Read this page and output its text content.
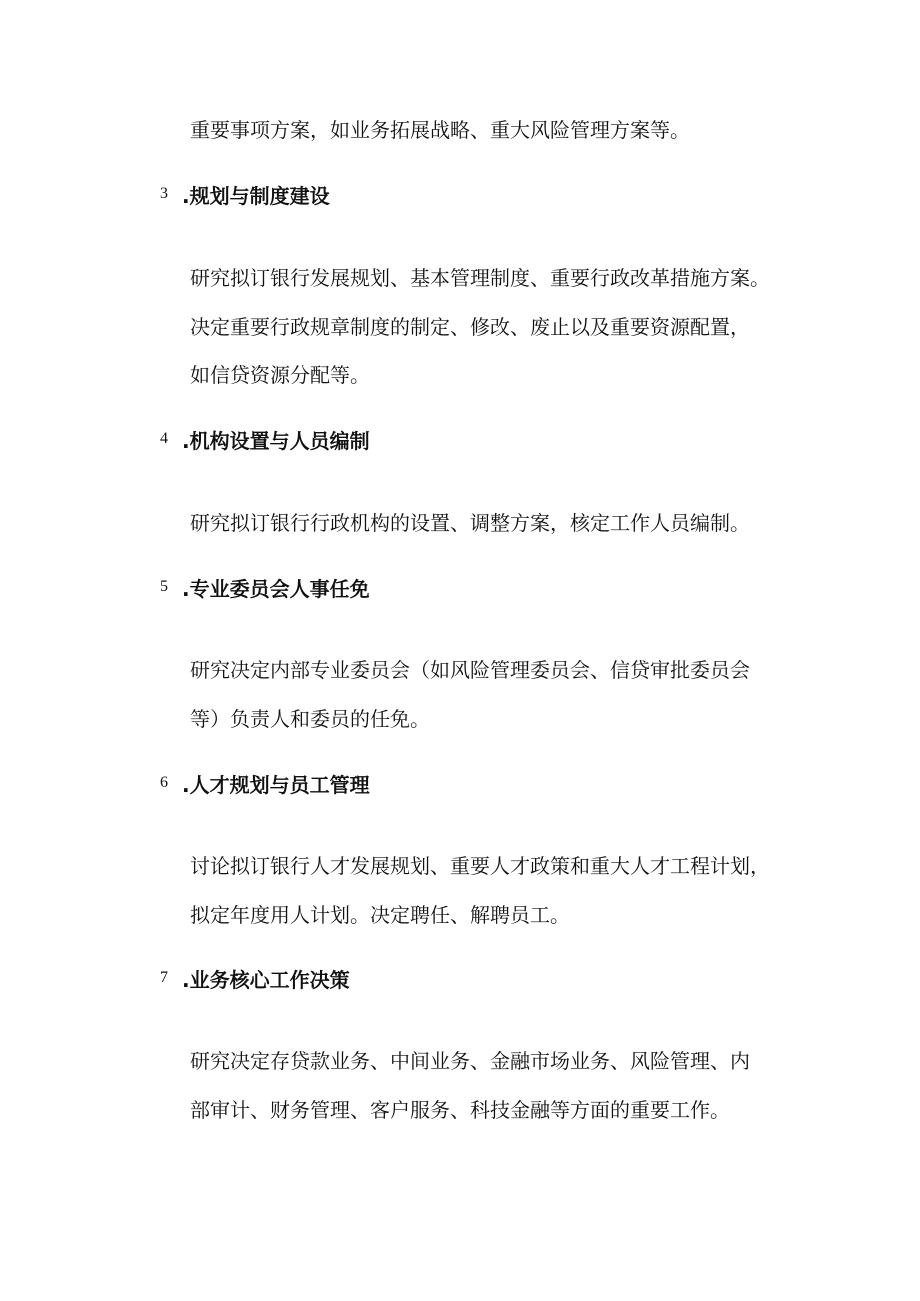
重要事项方案，如业务拓展战略、重大风险管理方案等。
3 .规划与制度建设
研究拟订银行发展规划、基本管理制度、重要行政改革措施方案。
决定重要行政规章制度的制定、修改、废止以及重要资源配置，
如信贷资源分配等。
4 .机构设置与人员编制
研究拟订银行行政机构的设置、调整方案，核定工作人员编制。
5 .专业委员会人事任免
研究决定内部专业委员会（如风险管理委员会、信贷审批委员会
等）负责人和委员的任免。
6 .人才规划与员工管理
讨论拟订银行人才发展规划、重要人才政策和重大人才工程计划，
拟定年度用人计划。决定聘任、解聘员工。
7 .业务核心工作决策
研究决定存贷款业务、中间业务、金融市场业务、风险管理、内
部审计、财务管理、客户服务、科技金融等方面的重要工作。
